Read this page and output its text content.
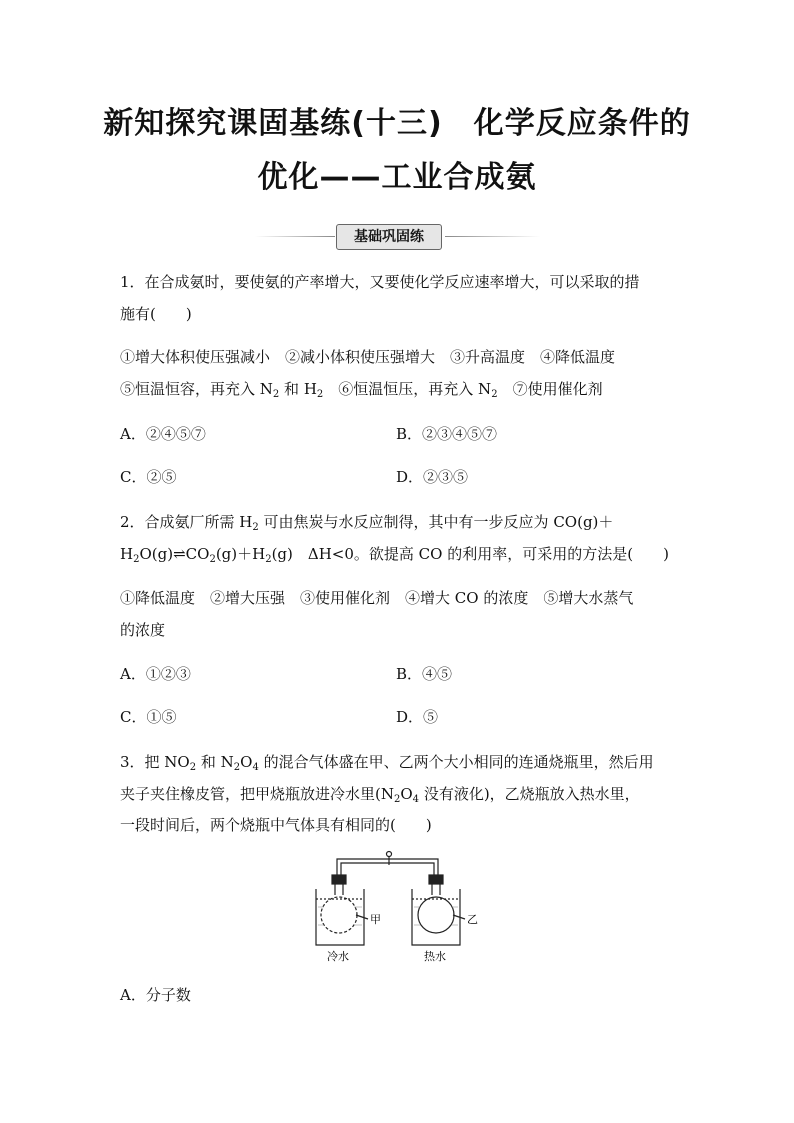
新知探究课固基练(十三)　化学反应条件的
优化——工业合成氨
基础巩固练
1．在合成氨时，要使氨的产率增大，又要使化学反应速率增大，可以采取的措
施有(　　)
①增大体积使压强减小　②减小体积使压强增大　③升高温度　④降低温度
⑤恒温恒容，再充入 $N_2$ 和 $H_2$　⑥恒温恒压，再充入 $N_2$　⑦使用催化剂
A．②④⑤⑦	B．②③④⑤⑦
C．②⑤	D．②③⑤
2．合成氨厂所需 $H_2$ 可由焦炭与水反应制得，其中有一步反应为 CO(g)＋
$H_2O(g)\rightleftharpoons CO_2(g)+H_2(g)$　ΔH<0。欲提高 CO 的利用率，可采用的方法是(　　)
①降低温度　②增大压强　③使用催化剂　④增大 CO 的浓度　⑤增大水蒸气
的浓度
A．①②③	B．④⑤
C．①⑤	D．⑤
3．把 $NO_2$ 和 $N_2O_4$ 的混合气体盛在甲、乙两个大小相同的连通烧瓶里，然后用
夹子夹住橡皮管，把甲烧瓶放进冷水里($N_2O_4$ 没有液化)，乙烧瓶放入热水里，
一段时间后，两个烧瓶中气体具有相同的(　　)
甲	乙
冷水	热水
A．分子数
